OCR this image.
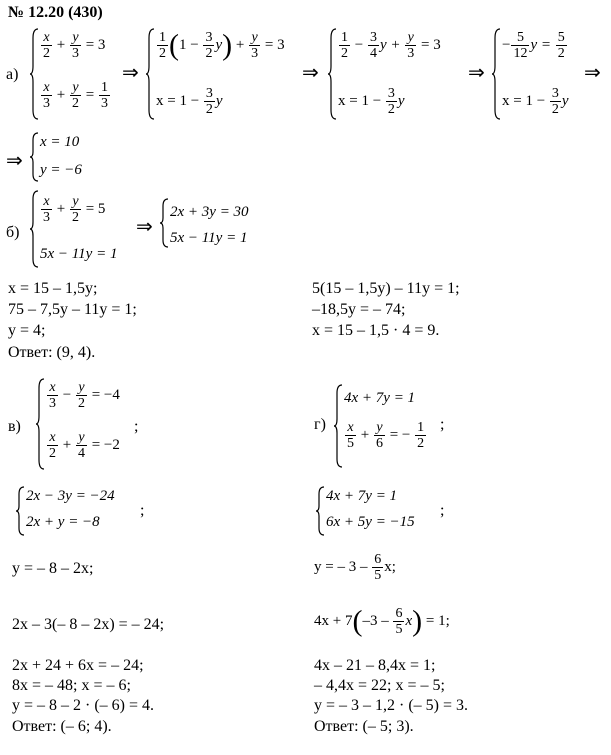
№ 12.20 (430)
а)
$\frac{x}{2} + \frac{y}{3} = 3$
$\frac{x}{3} + \frac{y}{2} = \frac{1}{3}$
⇒
$\frac{1}{2} (1 - \frac{3}{2} y) + \frac{y}{3} = 3$
$x = 1 - \frac{3}{2}$ y
⇒
$\frac{1}{2} - \frac{3}{4}$ $y + \frac{y}{3} = 3$
$x = 1 - \frac{3}{2}$ y
⇒
− $\frac{5}{12}$ $y = \frac{5}{2}$
$x = 1 - \frac{3}{2}$ y
⇒
⇒
x = 10
y = −6
б)
$\frac{x}{3} + \frac{y}{2} = 5$
5x − 11y = 1
⇒
2x + 3y = 30
5x − 11y = 1
x = 15 – 1,5y;
75 – 7,5y – 11y = 1;
y = 4;
5(15 – 1,5y) – 11y = 1;
–18,5y = – 74;
x = 15 – 1,5 · 4 = 9.
Ответ: (9, 4).
в)
$\frac{x}{3} - \frac{y}{2} = -4$
$\frac{x}{2} + \frac{y}{4} = -2$
;
2x − 3y = −24
2x + y = −8
;
y = – 8 – 2x;
2x – 3(– 8 – 2x) = – 24;
2x + 24 + 6x = – 24;
8x = – 48; x = – 6;
y = – 8 – 2 · (– 6) = 4.
Ответ: (– 6; 4).
г)
4x + 7y = 1
$\frac{x}{5} + \frac{y}{6}$ = − $\frac{1}{2}$ ;
4x + 7y = 1
6x + 5y = −15
;
y = – $3 - \frac{6}{5} x$;
$4x + 7(-3 - \frac{6}{5} x) = 1$;
4x – 21 – 8,4x = 1;
– 4,4x = 22; x = – 5;
y = – 3 – 1,2 · (– 5) = 3.
Ответ: (– 5; 3).
